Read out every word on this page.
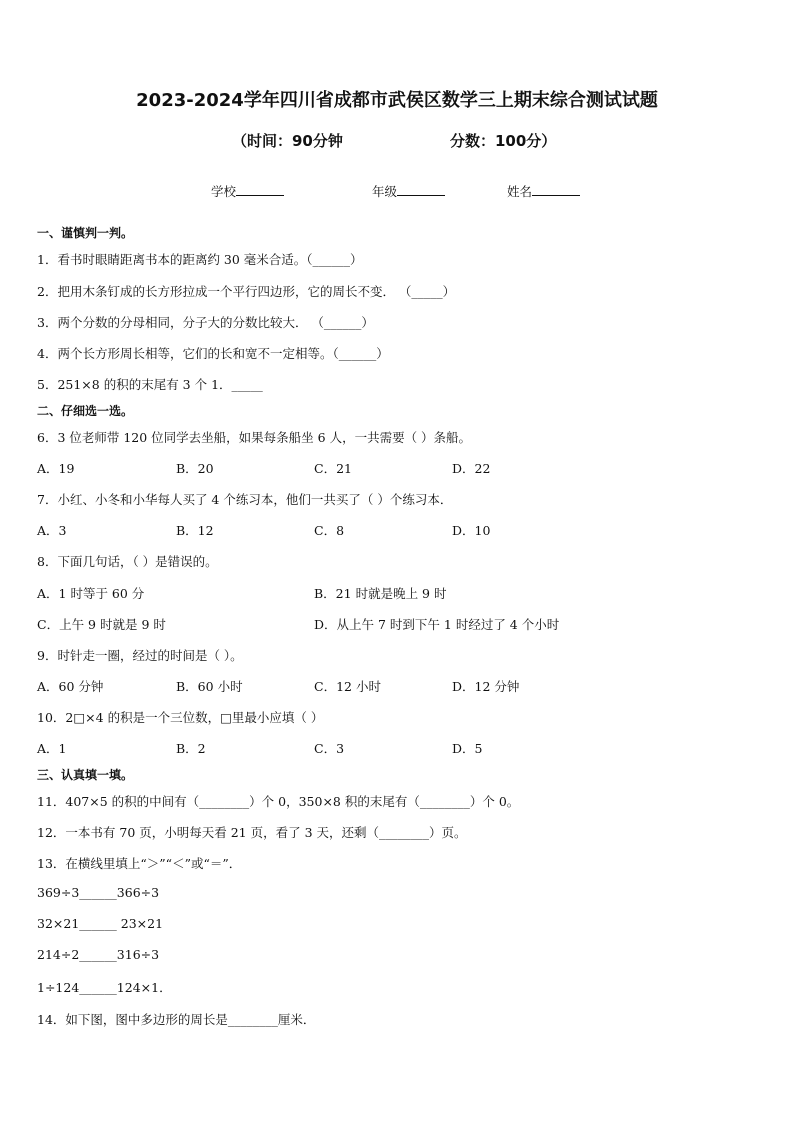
2023-2024学年四川省成都市武侯区数学三上期末综合测试试题
（时间：90分钟	分数：100分）
学校	年级	姓名
一、谨慎判一判。
1．看书时眼睛距离书本的距离约 30 毫米合适。（______）
2．把用木条钉成的长方形拉成一个平行四边形，它的周长不变． （_____）
3．两个分数的分母相同，分子大的分数比较大． （______）
4．两个长方形周长相等，它们的长和宽不一定相等。（______）
5．251×8 的积的末尾有 3 个 1．_____
二、仔细选一选。
6．3 位老师带 120 位同学去坐船，如果每条船坐 6 人，一共需要（ ）条船。
A．19	B．20	C．21	D．22
7．小红、小冬和小华每人买了 4 个练习本，他们一共买了（ ）个练习本．
A．3	B．12	C．8	D．10
8．下面几句话，（ ）是错误的。
A．1 时等于 60 分	B．21 时就是晚上 9 时
C．上午 9 时就是 9 时	D．从上午 7 时到下午 1 时经过了 4 个小时
9．时针走一圈，经过的时间是（ ）。
A．60 分钟	B．60 小时	C．12 小时	D．12 分钟
10．2□×4 的积是一个三位数，□里最小应填（ ）
A．1	B．2	C．3	D．5
三、认真填一填。
11．407×5 的积的中间有（________）个 0，350×8 积的末尾有（________）个 0。
12．一本书有 70 页，小明每天看 21 页，看了 3 天，还剩（________）页。
13．在横线里填上“＞”“＜”或“＝”．
369÷3______366÷3
32×21______ 23×21
214÷2______316÷3
1÷124______124×1．
14．如下图，图中多边形的周长是________厘米．
